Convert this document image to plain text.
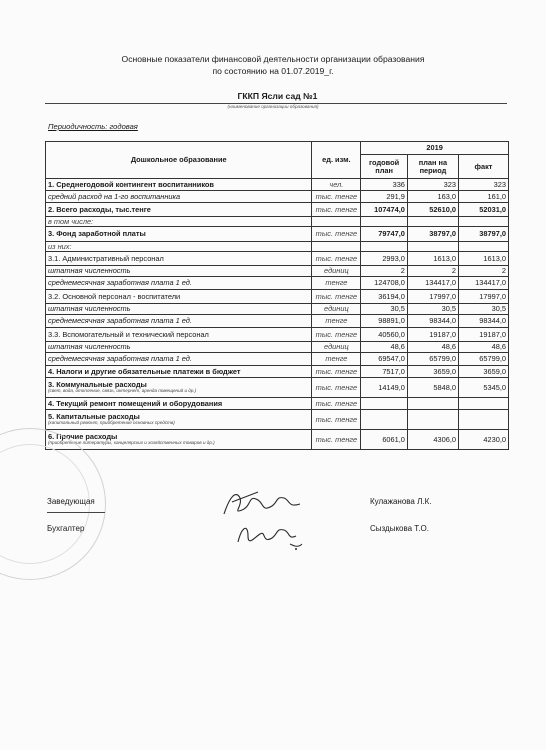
Основные показатели финансовой деятельности организации образования
по состоянию на 01.07.2019_г.
ГККП Ясли сад №1
(наименование организации образования)
Периодичность: годовая
Дошкольное образование	ед. изм.	2019		
		годовой план	план на период	факт
1. Среднегодовой контингент воспитанников	чел.	336	323	323
средний расход на 1-го воспитанника	тыс. тенге	291,9	163,0	161,0
2. Всего расходы, тыс.тенге	тыс. тенге	107474,0	52610,0	52031,0
в том числе:				
3. Фонд заработной платы	тыс. тенге	79747,0	38797,0	38797,0
из них:				
3.1. Административный персонал	тыс. тенге	2993,0	1613,0	1613,0
штатная численность	единиц	2	2	2
среднемесячная заработная плата 1 ед.	тенге	124708,0	134417,0	134417,0
3.2. Основной персонал - воспитатели	тыс. тенге	36194,0	17997,0	17997,0
штатная численность	единиц	30,5	30,5	30,5
среднемесячная заработная плата 1 ед.	тенге	98891,0	98344,0	98344,0
3.3. Вспомогательный и технический персонал	тыс. тенге	40560,0	19187,0	19187,0
штатная численность	единиц	48,6	48,6	48,6
среднемесячная заработная плата 1 ед.	тенге	69547,0	65799,0	65799,0
4. Налоги и другие обязательные платежи в бюджет	тыс. тенге	7517,0	3659,0	3659,0
3. Коммунальные расходы
(свет, вода, отопление, связь, интернет, аренда помещений и др.)	тыс. тенге	14149,0	5848,0	5345,0
4. Текущий ремонт помещений и оборудования	тыс. тенге			
5. Капитальные расходы
(капитальный ремонт, приобретение основных средств)	тыс. тенге			
6. Прочие расходы
(приобретение литературы, канцелярских и хозяйственных товаров и др.)	тыс. тенге	6061,0	4306,0	4230,0
Заведующая	Кулажанова Л.К.
Бухгалтер	Сыздыкова Т.О.
